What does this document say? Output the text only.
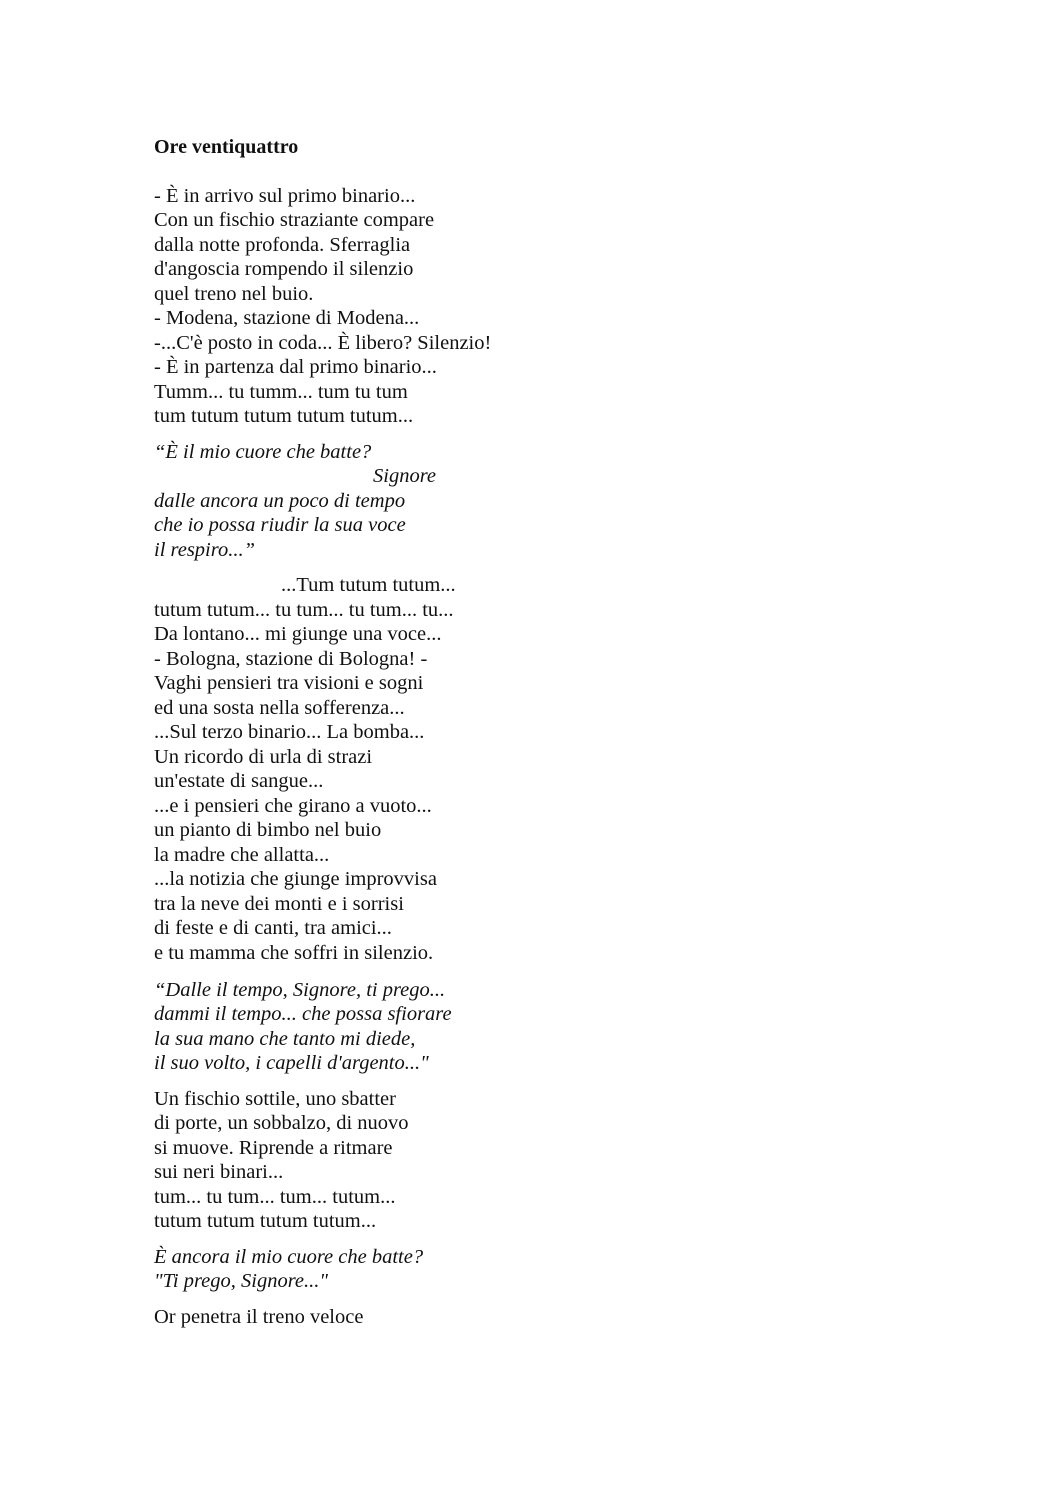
Ore ventiquattro
- È in arrivo sul primo binario...
Con un fischio straziante compare
dalla notte profonda. Sferraglia
d'angoscia rompendo il silenzio
quel treno nel buio.
- Modena, stazione di Modena...
-...C'è posto in coda... È libero? Silenzio!
- È in partenza dal primo binario...
Tumm... tu tumm... tum tu tum
tum tutum tutum tutum tutum...
“È il mio cuore che batte?
Signore
dalle ancora un poco di tempo
che io possa riudir la sua voce
il respiro...”
...Tum tutum tutum...
tutum tutum... tu tum... tu tum... tu...
Da lontano... mi giunge una voce...
- Bologna, stazione di Bologna! -
Vaghi pensieri tra visioni e sogni
ed una sosta nella sofferenza...
...Sul terzo binario... La bomba...
Un ricordo di urla di strazi
un'estate di sangue...
...e i pensieri che girano a vuoto...
un pianto di bimbo nel buio
la madre che allatta...
...la notizia che giunge improvvisa
tra la neve dei monti e i sorrisi
di feste e di canti, tra amici...
e tu mamma che soffri in silenzio.
“Dalle il tempo, Signore, ti prego...
dammi il tempo... che possa sfiorare
la sua mano che tanto mi diede,
il suo volto, i capelli d'argento..."
Un fischio sottile, uno sbatter
di porte, un sobbalzo, di nuovo
si muove. Riprende a ritmare
sui neri binari...
tum... tu tum... tum... tutum...
tutum tutum tutum tutum...
È ancora il mio cuore che batte?
"Ti prego, Signore..."
Or penetra il treno veloce
